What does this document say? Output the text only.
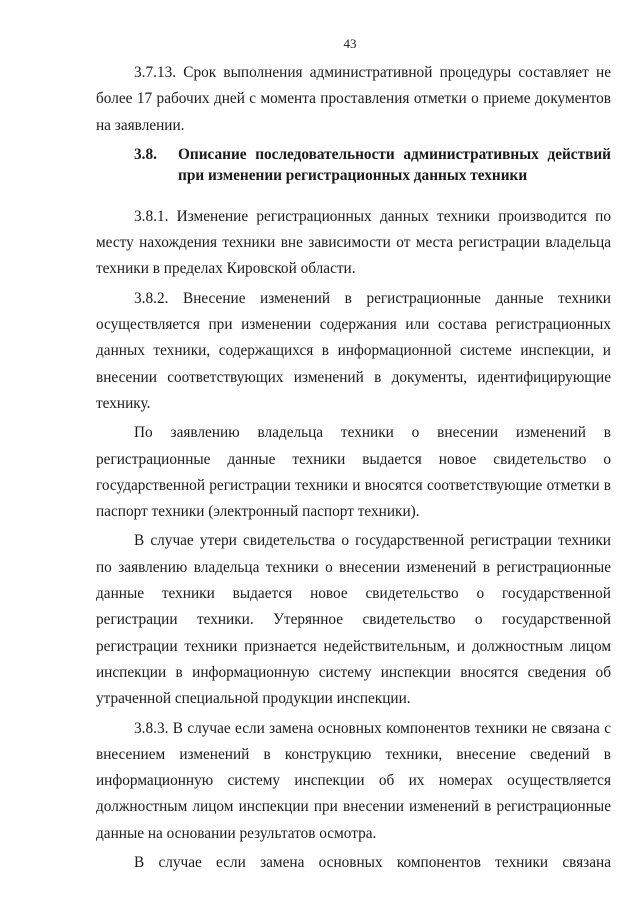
43

3.7.13. Срок выполнения административной процедуры составляет не более 17 рабочих дней с момента проставления отметки о приеме документов на заявлении.

3.8.	Описание последовательности административных действий при изменении регистрационных данных техники

3.8.1. Изменение регистрационных данных техники производится по месту нахождения техники вне зависимости от места регистрации владельца техники в пределах Кировской области.

3.8.2. Внесение изменений в регистрационные данные техники осуществляется при изменении содержания или состава регистрационных данных техники, содержащихся в информационной системе инспекции, и внесении соответствующих изменений в документы, идентифицирующие технику.

По заявлению владельца техники о внесении изменений в регистрационные данные техники выдается новое свидетельство о государственной регистрации техники и вносятся соответствующие отметки в паспорт техники (электронный паспорт техники).

В случае утери свидетельства о государственной регистрации техники по заявлению владельца техники о внесении изменений в регистрационные данные техники выдается новое свидетельство о государственной регистрации техники. Утерянное свидетельство о государственной регистрации техники признается недействительным, и должностным лицом инспекции в информационную систему инспекции вносятся сведения об утраченной специальной продукции инспекции.

3.8.3. В случае если замена основных компонентов техники не связана с внесением изменений в конструкцию техники, внесение сведений в информационную систему инспекции об их номерах осуществляется должностным лицом инспекции при внесении изменений в регистрационные данные на основании результатов осмотра.

В случае если замена основных компонентов техники связана
